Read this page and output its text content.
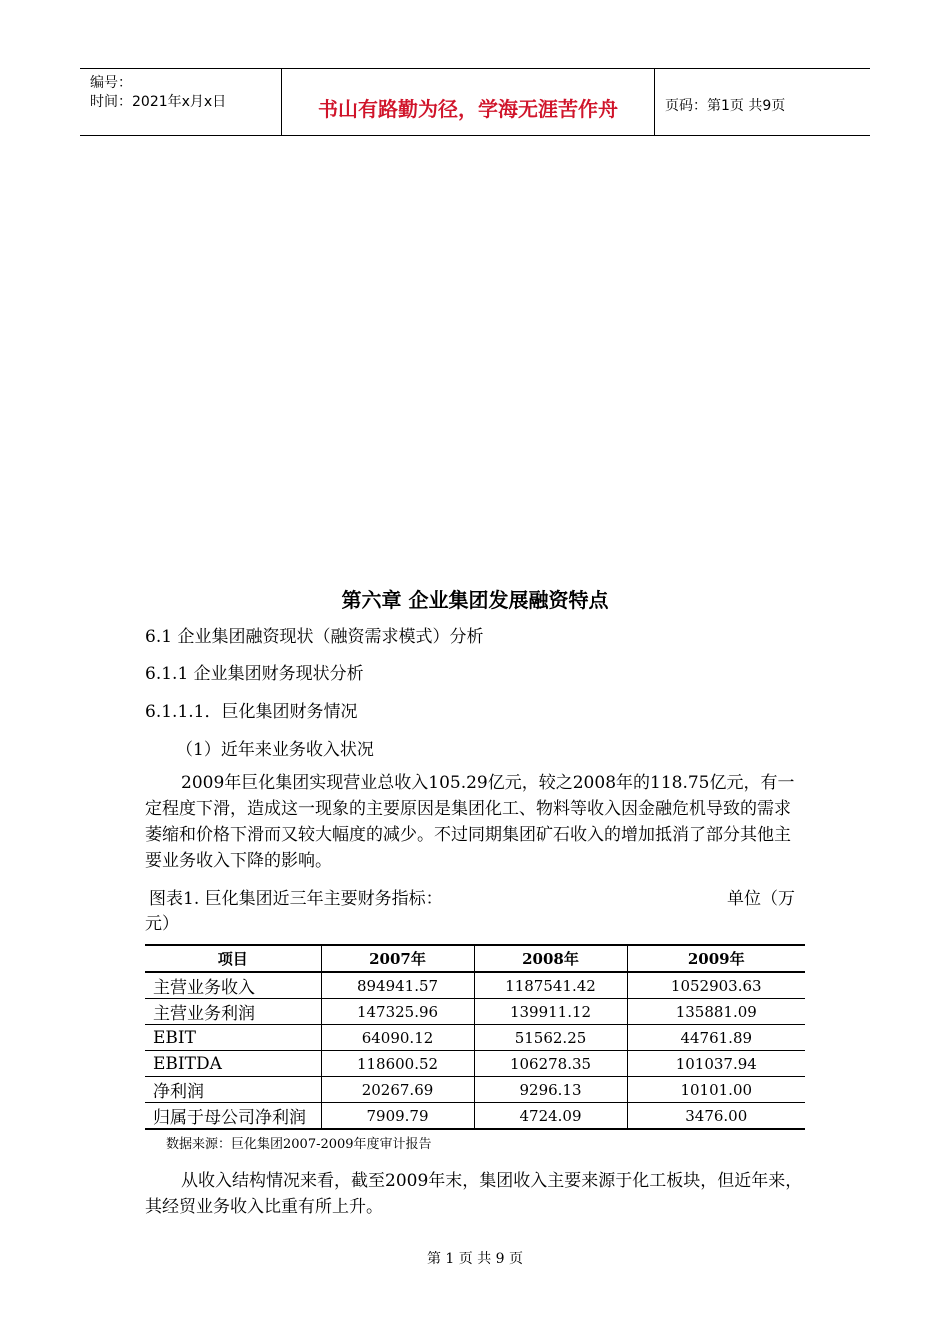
编号：
时间：2021年x月x日	书山有路勤为径，学海无涯苦作舟	页码：第1页 共9页
第六章 企业集团发展融资特点
6.1 企业集团融资现状（融资需求模式）分析
6.1.1 企业集团财务现状分析
6.1.1.1．巨化集团财务情况
（1）近年来业务收入状况
2009年巨化集团实现营业总收入105.29亿元，较之2008年的118.75亿元，有一定程度下滑，造成这一现象的主要原因是集团化工、物料等收入因金融危机导致的需求萎缩和价格下滑而又较大幅度的减少。不过同期集团矿石收入的增加抵消了部分其他主要业务收入下降的影响。
图表1. 巨化集团近三年主要财务指标：	单位（万
元）
从收入结构情况来看，截至2009年末，集团收入主要来源于化工板块，但近年来，其经贸业务收入比重有所上升。
项目	2007年	2008年	2009年
主营业务收入	894941.57	1187541.42	1052903.63
主营业务利润	147325.96	139911.12	135881.09
EBIT	64090.12	51562.25	44761.89
EBITDA	118600.52	106278.35	101037.94
净利润	20267.69	9296.13	10101.00
归属于母公司净利润	7909.79	4724.09	3476.00
数据来源：巨化集团2007-2009年度审计报告
第 1 页 共 9 页
